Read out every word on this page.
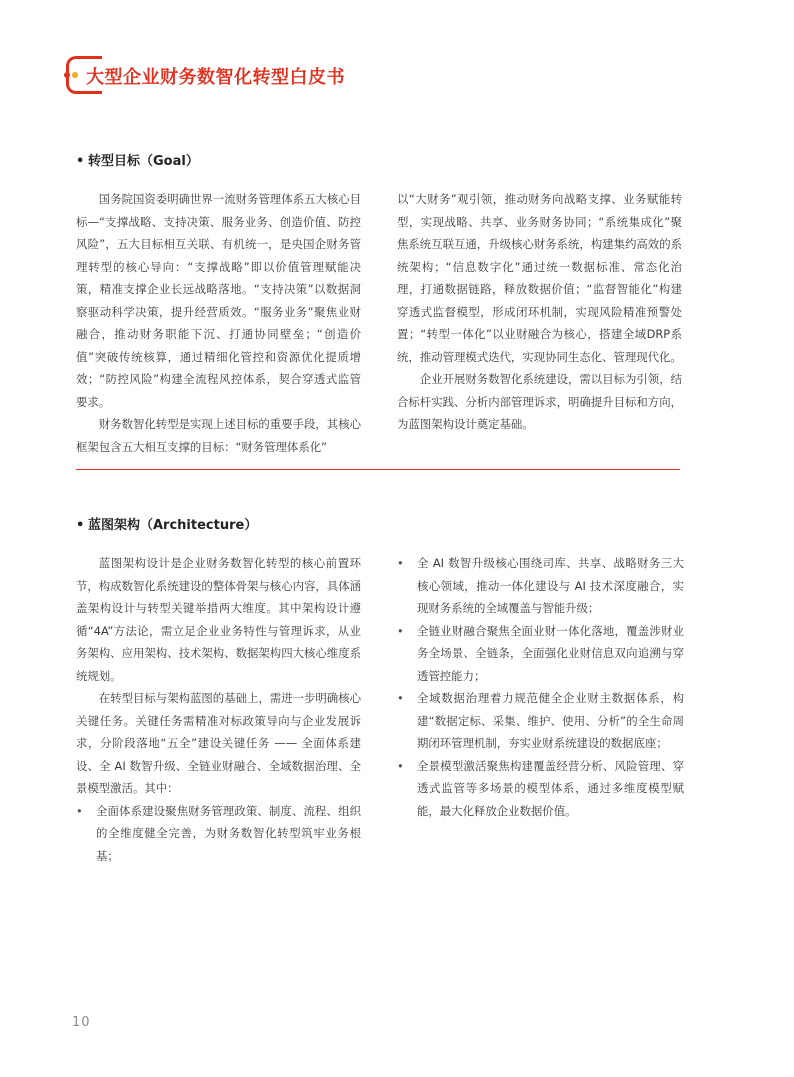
大型企业财务数智化转型白皮书
• 转型目标（Goal）

国务院国资委明确世界一流财务管理体系五大核心目标—“支撑战略、支持决策、服务业务、创造价值、防控风险”，五大目标相互关联、有机统一，是央国企财务管理转型的核心导向：“支撑战略”即以价值管理赋能决策，精准支撑企业长远战略落地。“支持决策”以数据洞察驱动科学决策，提升经营质效。“服务业务”聚焦业财融合，推动财务职能下沉、打通协同壁垒；“创造价值”突破传统核算，通过精细化管控和资源优化提质增效；“防控风险”构建全流程风控体系，契合穿透式监管要求。

财务数智化转型是实现上述目标的重要手段，其核心框架包含五大相互支撑的目标：“财务管理体系化”

以“大财务”观引领，推动财务向战略支撑、业务赋能转型，实现战略、共享、业务财务协同；“系统集成化”聚焦系统互联互通，升级核心财务系统，构建集约高效的系统架构；“信息数字化”通过统一数据标准、常态化治理，打通数据链路，释放数据价值；“监督智能化”构建穿透式监督模型，形成闭环机制，实现风险精准预警处置；“转型一体化”以业财融合为核心，搭建全域DRP系统，推动管理模式迭代，实现协同生态化、管理现代化。

企业开展财务数智化系统建设，需以目标为引领，结合标杆实践、分析内部管理诉求，明确提升目标和方向，为蓝图架构设计奠定基础。

• 蓝图架构（Architecture）

蓝图架构设计是企业财务数智化转型的核心前置环节，构成数智化系统建设的整体骨架与核心内容，具体涵盖架构设计与转型关键举措两大维度。其中架构设计遵循“4A”方法论，需立足企业业务特性与管理诉求，从业务架构、应用架构、技术架构、数据架构四大核心维度系统规划。

在转型目标与架构蓝图的基础上，需进一步明确核心关键任务。关键任务需精准对标政策导向与企业发展诉求，分阶段落地“五全”建设关键任务 —— 全面体系建设、全 AI 数智升级、全链业财融合、全域数据治理、全景模型激活。其中：

•	全面体系建设聚焦财务管理政策、制度、流程、组织的全维度健全完善，为财务数智化转型筑牢业务根基；
•	全 AI 数智升级核心围绕司库、共享、战略财务三大核心领域，推动一体化建设与 AI 技术深度融合，实现财务系统的全域覆盖与智能升级；
•	全链业财融合聚焦全面业财一体化落地，覆盖涉财业务全场景、全链条，全面强化业财信息双向追溯与穿透管控能力；
•	全域数据治理着力规范健全企业财主数据体系，构建“数据定标、采集、维护、使用、分析”的全生命周期闭环管理机制，夯实业财系统建设的数据底座；
•	全景模型激活聚焦构建覆盖经营分析、风险管理、穿透式监管等多场景的模型体系，通过多维度模型赋能，最大化释放企业数据价值。
10
